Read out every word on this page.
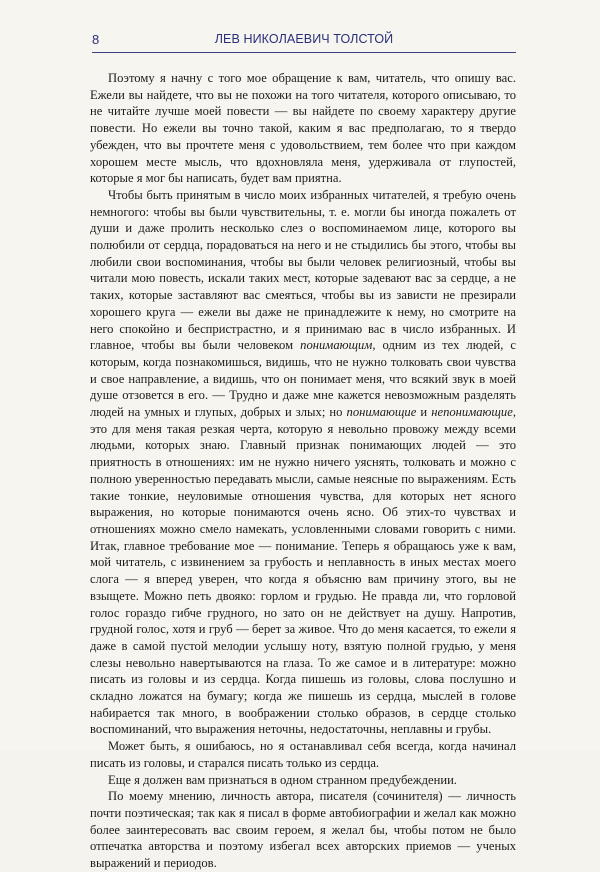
8	ЛЕВ НИКОЛАЕВИЧ ТОЛСТОЙ

Поэтому я начну с того мое обращение к вам, читатель, что опишу вас. Ежели вы найдете, что вы не похожи на того читателя, которого описываю, то не читайте лучше моей повести — вы найдете по своему характеру другие повести. Но ежели вы точно такой, каким я вас предполагаю, то я твердо убежден, что вы прочтете меня с удовольствием, тем более что при каждом хорошем месте мысль, что вдохновляла меня, удерживала от глупостей, которые я мог бы написать, будет вам приятна.

Чтобы быть принятым в число моих избранных читателей, я требую очень немногого: чтобы вы были чувствительны, т. е. могли бы иногда пожалеть от души и даже пролить несколько слез о воспоминаемом лице, которого вы полюбили от сердца, порадоваться на него и не стыдились бы этого, чтобы вы любили свои воспоминания, чтобы вы были человек религиозный, чтобы вы читали мою повесть, искали таких мест, которые задевают вас за сердце, а не таких, которые заставляют вас смеяться, чтобы вы из зависти не презирали хорошего круга — ежели вы даже не принадлежите к нему, но смотрите на него спокойно и беспристрастно, и я принимаю вас в число избранных. И главное, чтобы вы были человеком понимающим, одним из тех людей, с которым, когда познакомишься, видишь, что не нужно толковать свои чувства и свое направление, а видишь, что он понимает меня, что всякий звук в моей душе отзовется в его. — Трудно и даже мне кажется невозможным разделять людей на умных и глупых, добрых и злых; но понимающие и непонимающие, это для меня такая резкая черта, которую я невольно провожу между всеми людьми, которых знаю. Главный признак понимающих людей — это приятность в отношениях: им не нужно ничего уяснять, толковать и можно с полною уверенностью передавать мысли, самые неясные по выражениям. Есть такие тонкие, неуловимые отношения чувства, для которых нет ясного выражения, но которые понимаются очень ясно. Об этих-то чувствах и отношениях можно смело намекать, условленными словами говорить с ними. Итак, главное требование мое — понимание. Теперь я обращаюсь уже к вам, мой читатель, с извинением за грубость и неплавность в иных местах моего слога — я вперед уверен, что когда я объясню вам причину этого, вы не взыщете. Можно петь двояко: горлом и грудью. Не правда ли, что горловой голос гораздо гибче грудного, но зато он не действует на душу. Напротив, грудной голос, хотя и груб — берет за живое. Что до меня касается, то ежели я даже в самой пустой мелодии услышу ноту, взятую полной грудью, у меня слезы невольно навертываются на глаза. То же самое и в литературе: можно писать из головы и из сердца. Когда пишешь из головы, слова послушно и складно ложатся на бумагу; когда же пишешь из сердца, мыслей в голове набирается так много, в воображении столько образов, в сердце столько воспоминаний, что выражения неточны, недостаточны, неплавны и грубы.

Может быть, я ошибаюсь, но я останавливал себя всегда, когда начинал писать из головы, и старался писать только из сердца.

Еще я должен вам признаться в одном странном предубеждении.

По моему мнению, личность автора, писателя (сочинителя) — личность почти поэтическая; так как я писал в форме автобиографии и желал как можно более заинтересовать вас своим героем, я желал бы, чтобы потом не было отпечатка авторства и поэтому избегал всех авторских приемов — ученых выражений и периодов.
